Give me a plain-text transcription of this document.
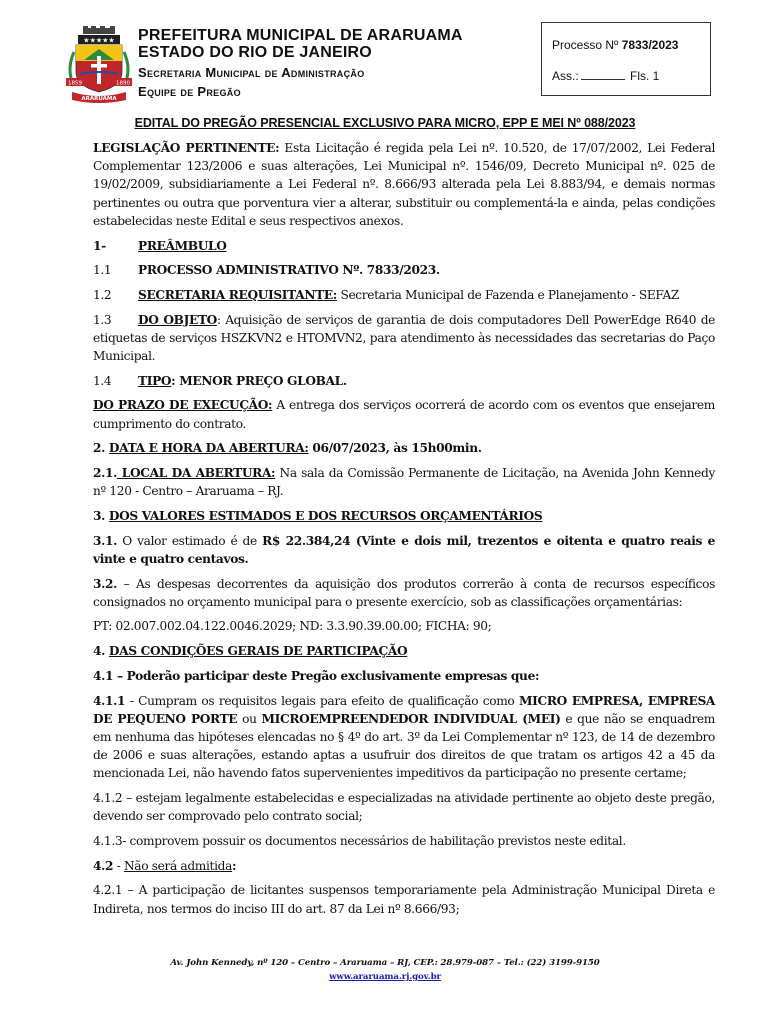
★★★★★
1859	1890
ARARUAMA
PREFEITURA MUNICIPAL DE ARARUAMA
ESTADO DO RIO DE JANEIRO
Secretaria Municipal de Administração
Equipe de Pregão
Processo Nº 7833/2023
Ass.:	Fls. 1
EDITAL DO PREGÃO PRESENCIAL EXCLUSIVO PARA MICRO, EPP E MEI Nº 088/2023

LEGISLAÇÃO PERTINENTE: Esta Licitação é regida pela Lei nº. 10.520, de 17/07/2002, Lei Federal Complementar 123/2006 e suas alterações, Lei Municipal nº. 1546/09, Decreto Municipal nº. 025 de 19/02/2009, subsidiariamente a Lei Federal nº. 8.666/93 alterada pela Lei 8.883/94, e demais normas pertinentes ou outra que porventura vier a alterar, substituir ou complementá-la e ainda, pelas condições estabelecidas neste Edital e seus respectivos anexos.

1-	PREÂMBULO

1.1 PROCESSO ADMINISTRATIVO Nº. 7833/2023.

1.2 SECRETARIA REQUISITANTE: Secretaria Municipal de Fazenda e Planejamento - SEFAZ

1.3 DO OBJETO: Aquisição de serviços de garantia de dois computadores Dell PowerEdge R640 de etiquetas de serviços HSZKVN2 e HTOMVN2, para atendimento às necessidades das secretarias do Paço Municipal.

1.4 TIPO: MENOR PREÇO GLOBAL.

DO PRAZO DE EXECUÇÃO: A entrega dos serviços ocorrerá de acordo com os eventos que ensejarem cumprimento do contrato.

2. DATA E HORA DA ABERTURA: 06/07/2023, às 15h00min.

2.1. LOCAL DA ABERTURA: Na sala da Comissão Permanente de Licitação, na Avenida John Kennedy nº 120 - Centro – Araruama – RJ.

3. DOS VALORES ESTIMADOS E DOS RECURSOS ORÇAMENTÁRIOS

3.1. O valor estimado é de R$ 22.384,24 (Vinte e dois mil, trezentos e oitenta e quatro reais e vinte e quatro centavos.

3.2. – As despesas decorrentes da aquisição dos produtos correrão à conta de recursos específicos consignados no orçamento municipal para o presente exercício, sob as classificações orçamentárias:

PT: 02.007.002.04.122.0046.2029; ND: 3.3.90.39.00.00; FICHA: 90;

4. DAS CONDIÇÕES GERAIS DE PARTICIPAÇÃO

4.1 – Poderão participar deste Pregão exclusivamente empresas que:

4.1.1 - Cumpram os requisitos legais para efeito de qualificação como MICRO EMPRESA, EMPRESA DE PEQUENO PORTE ou MICROEMPREENDEDOR INDIVIDUAL (MEI) e que não se enquadrem em nenhuma das hipóteses elencadas no § 4º do art. 3º da Lei Complementar nº 123, de 14 de dezembro de 2006 e suas alterações, estando aptas a usufruir dos direitos de que tratam os artigos 42 a 45 da mencionada Lei, não havendo fatos supervenientes impeditivos da participação no presente certame;

4.1.2 – estejam legalmente estabelecidas e especializadas na atividade pertinente ao objeto deste pregão, devendo ser comprovado pelo contrato social;

4.1.3- comprovem possuir os documentos necessários de habilitação previstos neste edital.

4.2 - Não será admitida:

4.2.1 – A participação de licitantes suspensos temporariamente pela Administração Municipal Direta e Indireta, nos termos do inciso III do art. 87 da Lei nº 8.666/93;

Av. John Kennedy, nº 120 – Centro – Araruama – RJ, CEP.: 28.979-087 – Tel.: (22) 3199-9150
www.araruama.rj.gov.br
